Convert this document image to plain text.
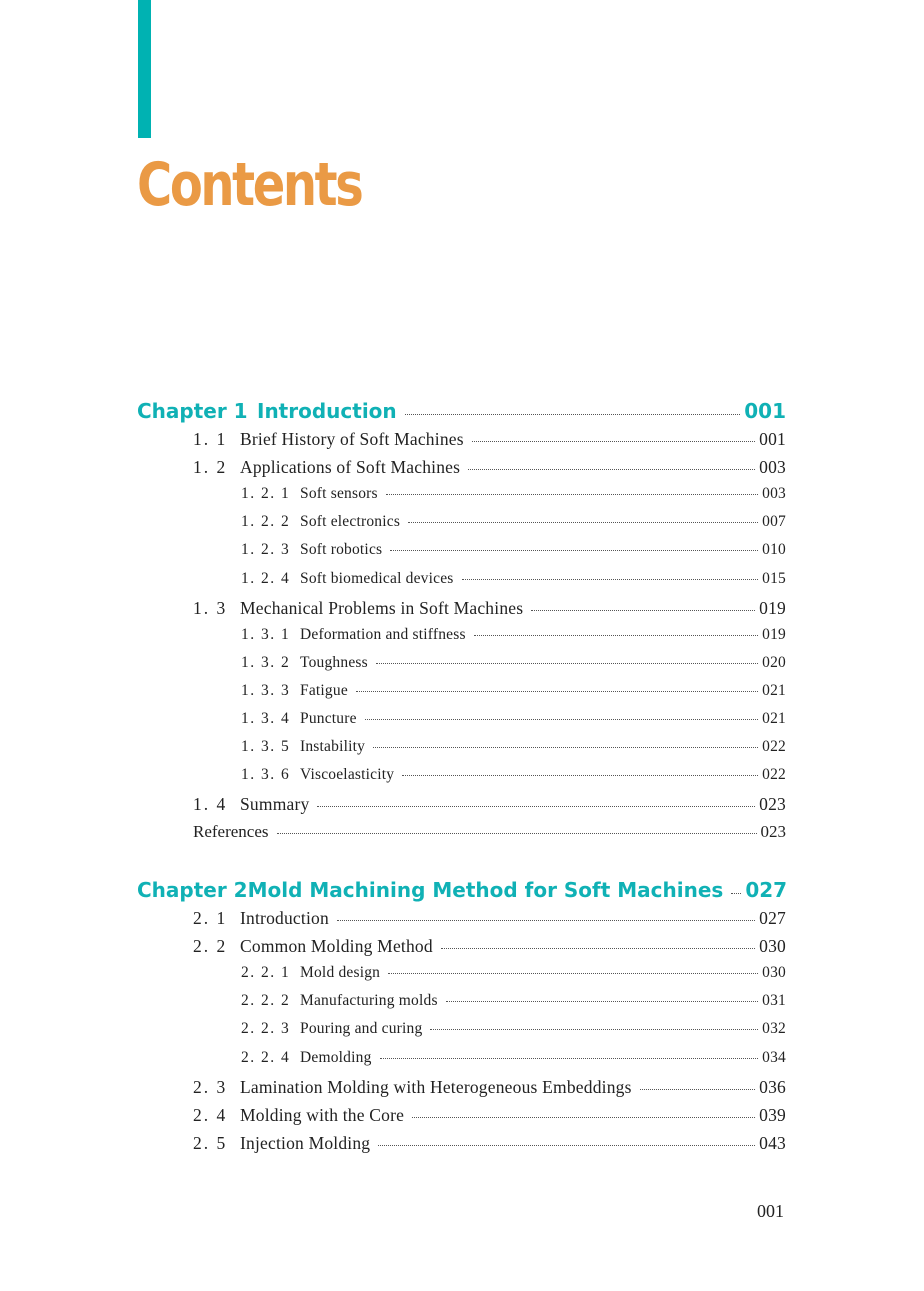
Contents
Chapter 1 Introduction	001
1. 1 Brief History of Soft Machines	001
1. 2 Applications of Soft Machines	003
1. 2. 1 Soft sensors	003
1. 2. 2 Soft electronics	007
1. 2. 3 Soft robotics	010
1. 2. 4 Soft biomedical devices	015
1. 3 Mechanical Problems in Soft Machines	019
1. 3. 1 Deformation and stiffness	019
1. 3. 2 Toughness	020
1. 3. 3 Fatigue	021
1. 3. 4 Puncture	021
1. 3. 5 Instability	022
1. 3. 6 Viscoelasticity	022
1. 4 Summary	023
References	023
Chapter 2 Mold Machining Method for Soft Machines 027
2. 1 Introduction	027
2. 2 Common Molding Method	030
2. 2. 1 Mold design	030
2. 2. 2 Manufacturing molds	031
2. 2. 3 Pouring and curing	032
2. 2. 4 Demolding	034
2. 3 Lamination Molding with Heterogeneous Embeddings	036
2. 4 Molding with the Core	039
2. 5 Injection Molding	043
001
